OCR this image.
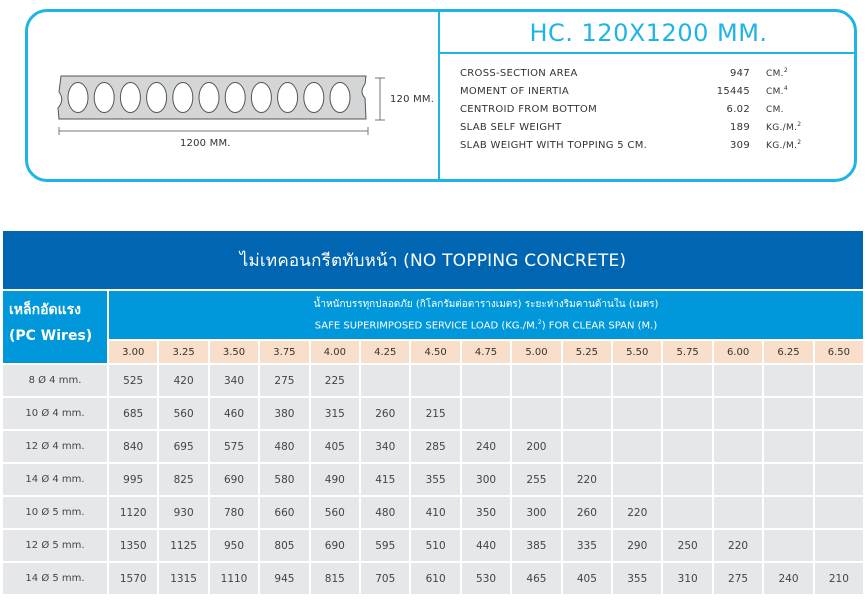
120 MM.
1200 MM.
HC. 120X1200 MM.
CROSS-SECTION AREA	947 CM.$^2$
MOMENT OF INERTIA	15445 CM.$^4$
CENTROID FROM BOTTOM	6.02 CM.
SLAB SELF WEIGHT	189 KG./M.$^2$
SLAB WEIGHT WITH TOPPING 5 CM.	309 KG./M.$^2$
ไม่เทคอนกรีตทับหน้า (NO TOPPING CONCRETE)
เหล็กอัดแรง
(PC Wires)
น้ำหนักบรรทุกปลอดภัย (กิโลกรัมต่อตารางเมตร) ระยะห่างริมคานด้านใน (เมตร)
SAFE SUPERIMPOSED SERVICE LOAD (KG./M.$^2$) FOR CLEAR SPAN (M.)
3.00	3.25	3.50	3.75	4.00	4.25	4.50	4.75	5.00	5.25	5.50	5.75	6.00	6.25	6.50
8 Ø 4 mm.	525	420	340	275	225
10 Ø 4 mm.	685	560	460	380	315	260	215
12 Ø 4 mm.	840	695	575	480	405	340	285	240	200
14 Ø 4 mm.	995	825	690	580	490	415	355	300	255	220
10 Ø 5 mm.	1120	930	780	660	560	480	410	350	300	260	220
12 Ø 5 mm.	1350	1125	950	805	690	595	510	440	385	335	290	250	220
14 Ø 5 mm.	1570	1315	1110	945	815	705	610	530	465	405	355	310	275	240	210
